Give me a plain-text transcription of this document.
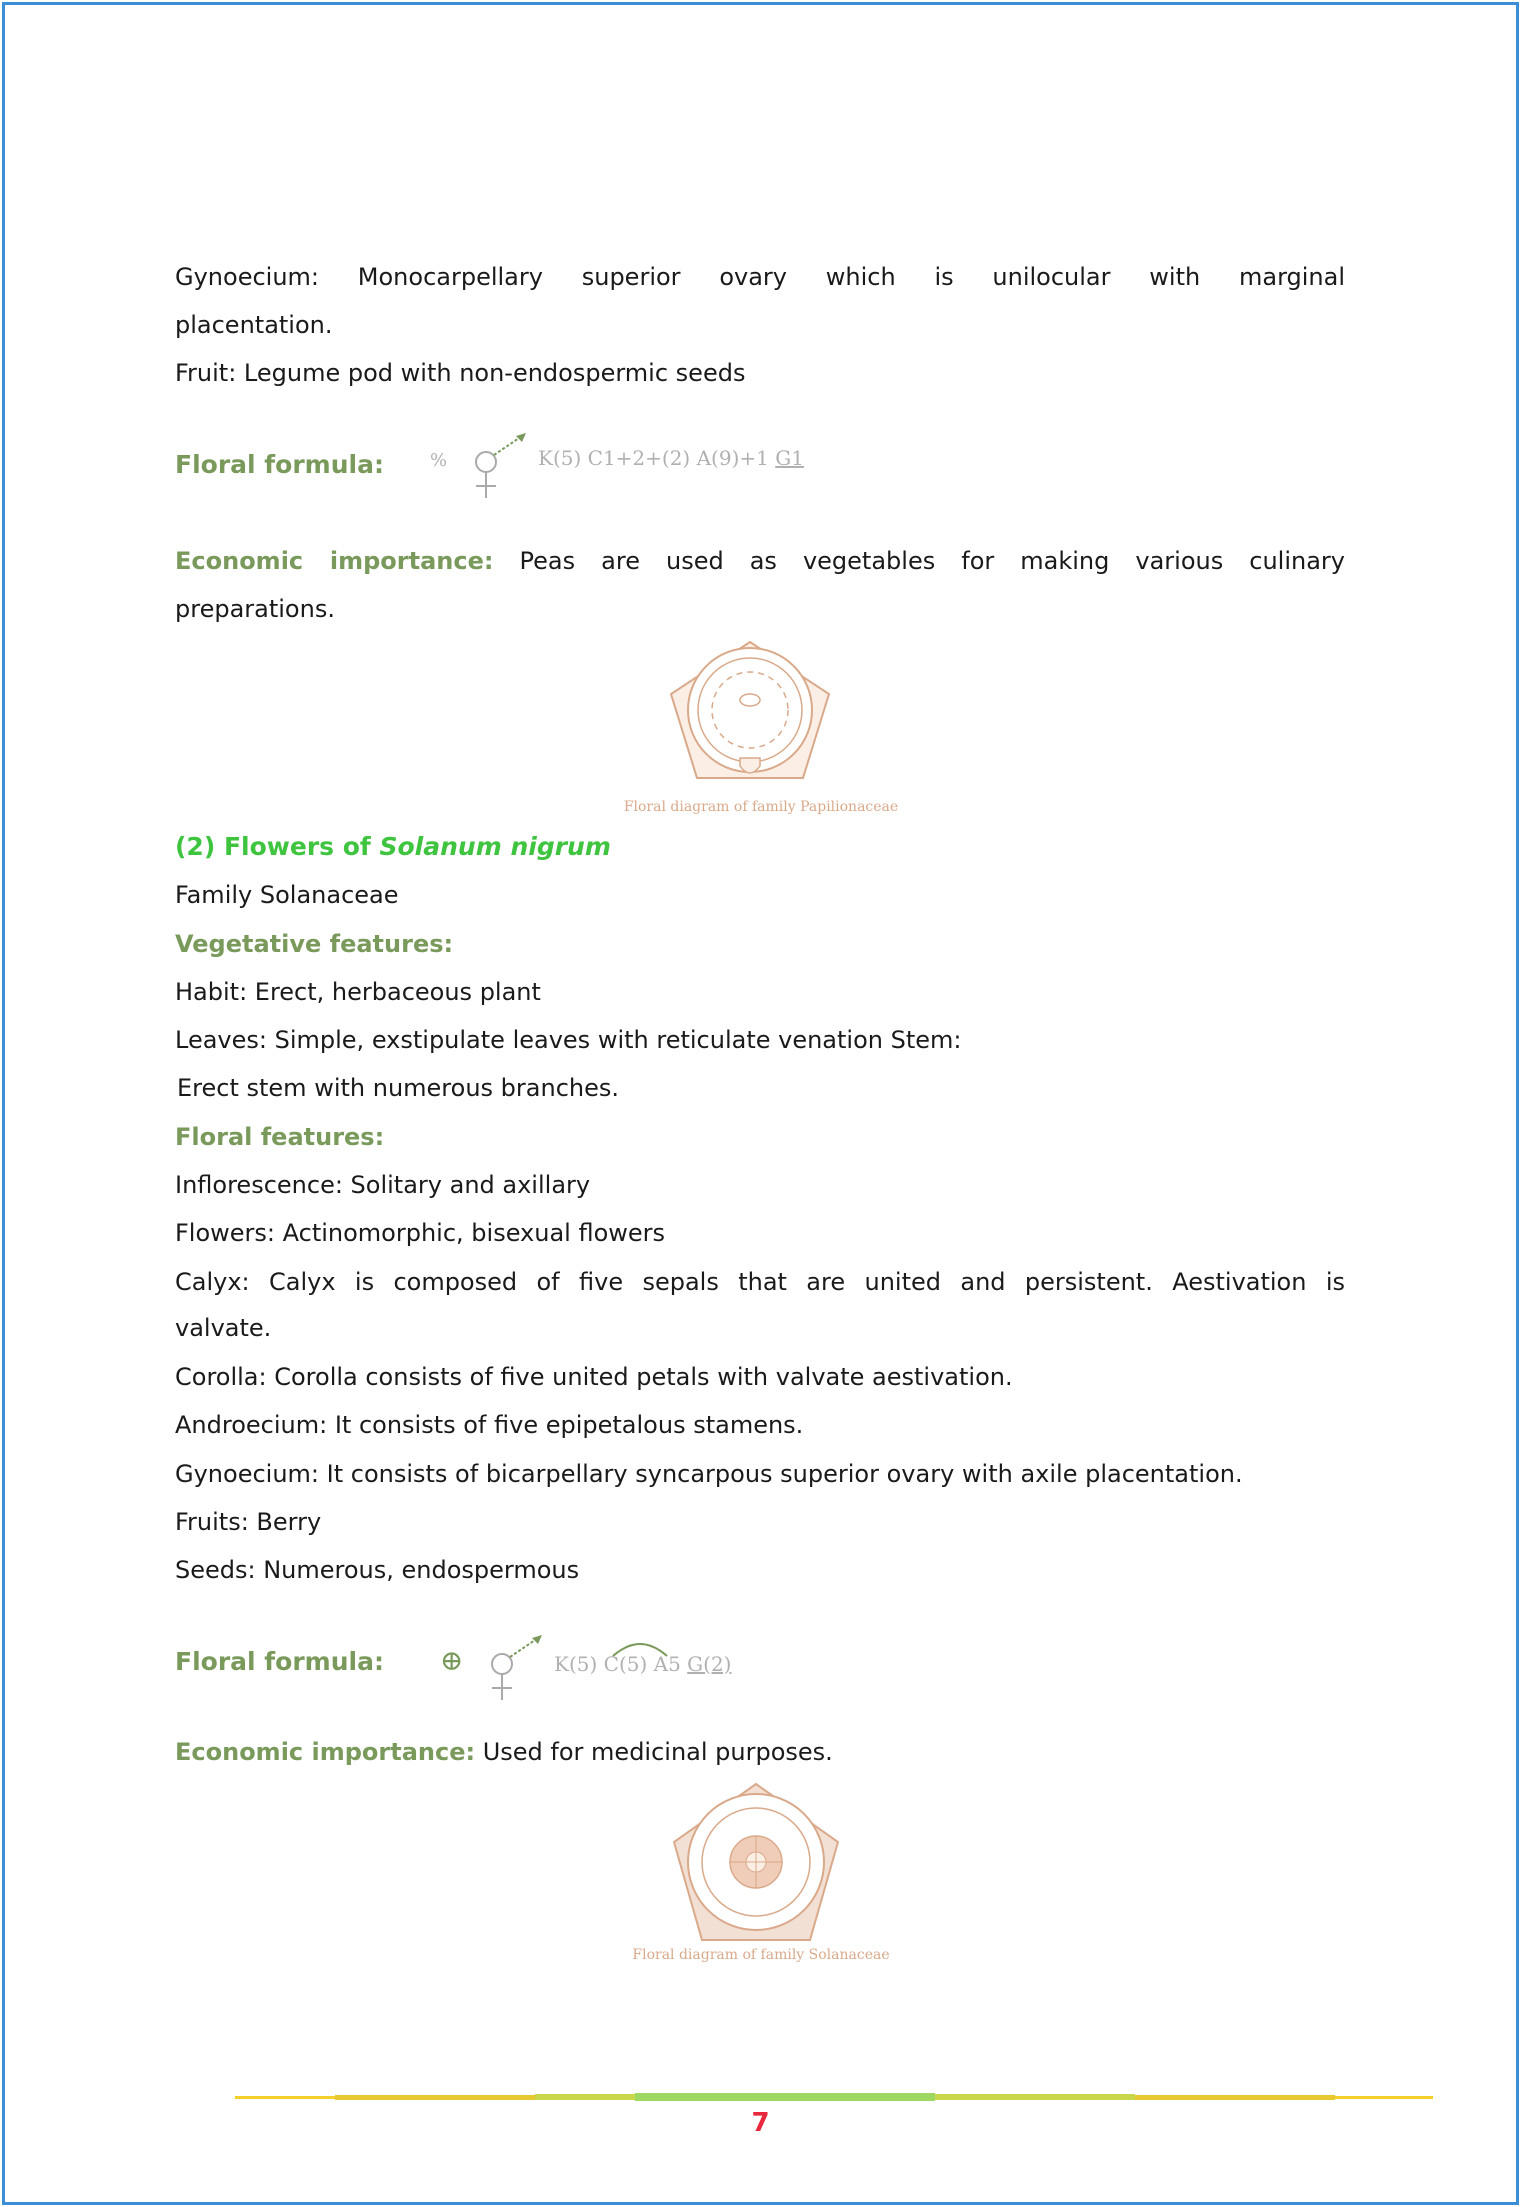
Gynoecium: Monocarpellary superior ovary which is unilocular with marginal
placentation.
Fruit: Legume pod with non-endospermic seeds
Floral formula:	%	K(5) C1+2+(2) A(9)+1 G1
Economic importance: Peas are used as vegetables for making various culinary
preparations.
Floral diagram of family Papilionaceae
(2) Flowers of Solanum nigrum
Family Solanaceae
Vegetative features:
Habit: Erect, herbaceous plant
Leaves: Simple, exstipulate leaves with reticulate venation Stem:
Erect stem with numerous branches.
Floral features:
Inflorescence: Solitary and axillary
Flowers: Actinomorphic, bisexual flowers
Calyx: Calyx is composed of five sepals that are united and persistent. Aestivation is
valvate.
Corolla: Corolla consists of five united petals with valvate aestivation.
Androecium: It consists of five epipetalous stamens.
Gynoecium: It consists of bicarpellary syncarpous superior ovary with axile placentation.
Fruits: Berry
Seeds: Numerous, endospermous
Floral formula:	⊕	K(5) C(5) A5 G(2)
Economic importance: Used for medicinal purposes.
Floral diagram of family Solanaceae
7
